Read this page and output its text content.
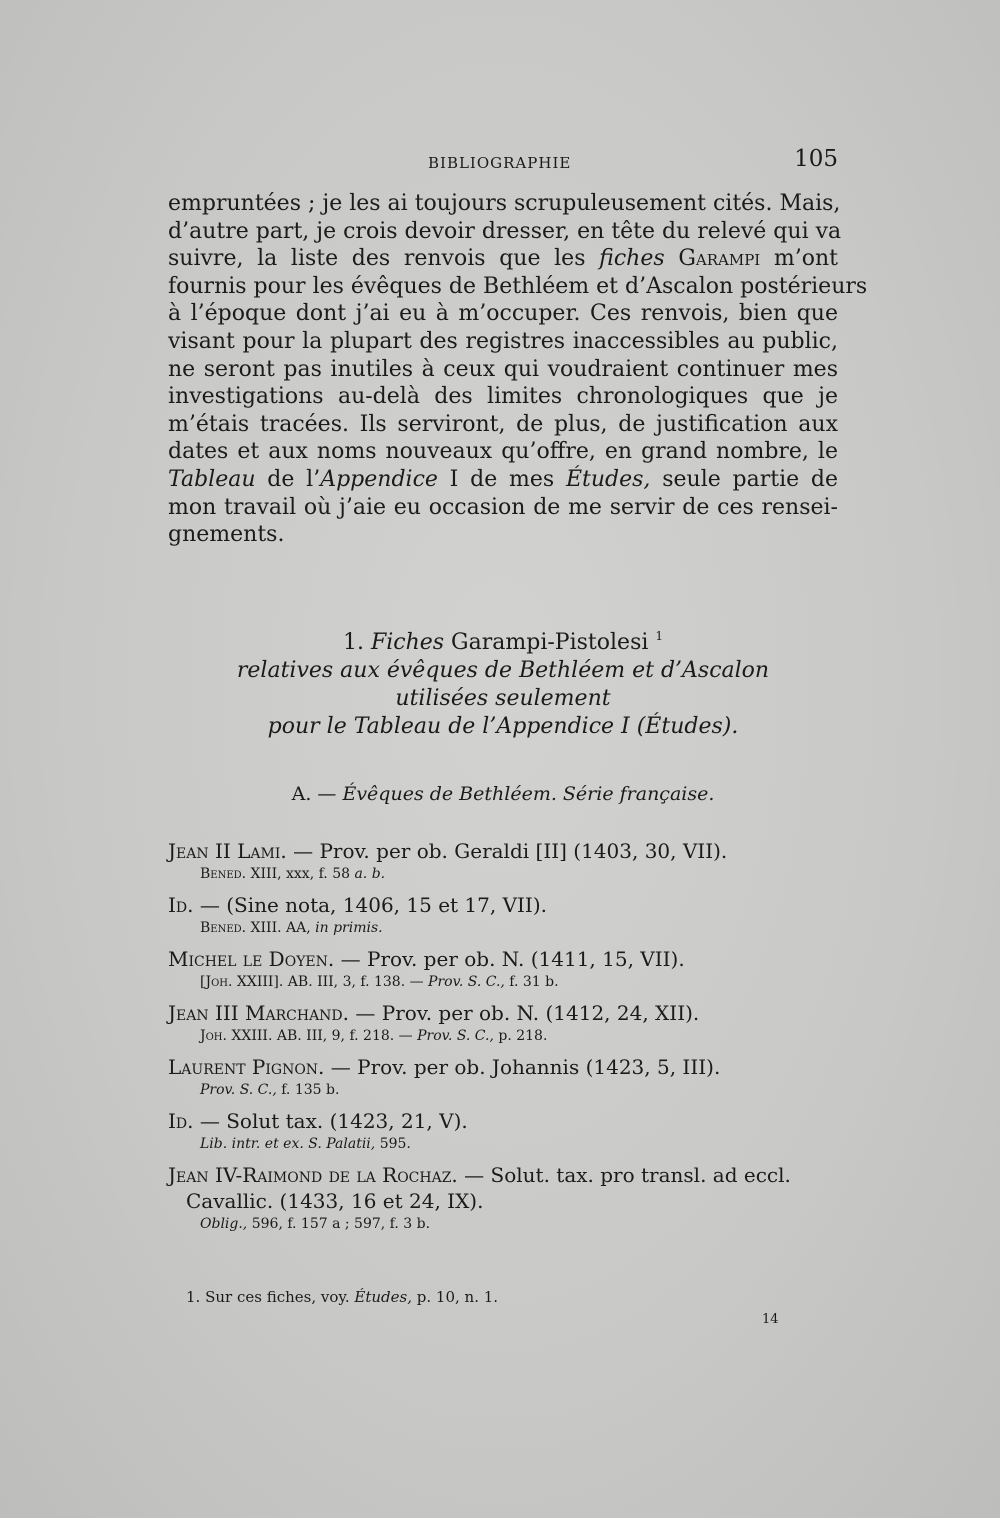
BIBLIOGRAPHIE	105
empruntées ; je les ai toujours scrupuleusement cités. Mais,
d’autre part, je crois devoir dresser, en tête du relevé qui va
suivre, la liste des renvois que les fiches Garampi m’ont
fournis pour les évêques de Bethléem et d’Ascalon postérieurs
à l’époque dont j’ai eu à m’occuper. Ces renvois, bien que
visant pour la plupart des registres inaccessibles au public,
ne seront pas inutiles à ceux qui voudraient continuer mes
investigations au-delà des limites chronologiques que je
m’étais tracées. Ils serviront, de plus, de justification aux
dates et aux noms nouveaux qu’offre, en grand nombre, le
Tableau de l’Appendice I de mes Études, seule partie de
mon travail où j’aie eu occasion de me servir de ces rensei-
gnements.
1. Fiches Garampi-Pistolesi $^1$
relatives aux évêques de Bethléem et d’Ascalon
utilisées seulement
pour le Tableau de l’Appendice I (Études).
A. — Évêques de Bethléem. Série française.
Jean II Lami. — Prov. per ob. Geraldi [II] (1403, 30, VII).
Bened. XIII, xxx, f. 58 a. b.
Id. — (Sine nota, 1406, 15 et 17, VII).
Bened. XIII. AA, in primis.
Michel le Doyen. — Prov. per ob. N. (1411, 15, VII).
[Joh. XXIII]. AB. III, 3, f. 138. — Prov. S. C., f. 31 b.
Jean III Marchand. — Prov. per ob. N. (1412, 24, XII).
Joh. XXIII. AB. III, 9, f. 218. — Prov. S. C., p. 218.
Laurent Pignon. — Prov. per ob. Johannis (1423, 5, III).
Prov. S. C., f. 135 b.
Id. — Solut tax. (1423, 21, V).
Lib. intr. et ex. S. Palatii, 595.
Jean IV-Raimond de la Rochaz. — Solut. tax. pro transl. ad eccl.
Cavallic. (1433, 16 et 24, IX).
Oblig., 596, f. 157 a ; 597, f. 3 b.
1. Sur ces fiches, voy. Études, p. 10, n. 1.
14
